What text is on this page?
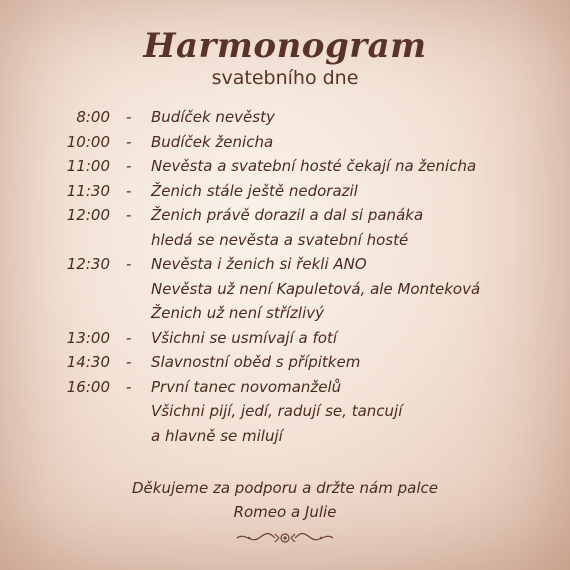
Harmonogram
svatebního dne
8:00 - Budíček nevěsty
10:00 - Budíček ženicha
11:00 - Nevěsta a svatební hosté čekají na ženicha
11:30 - Ženich stále ještě nedorazil
12:00 - Ženich právě dorazil a dal si panáka
hledá se nevěsta a svatební hosté
12:30 - Nevěsta i ženich si řekli ANO
Nevěsta už není Kapuletová, ale Monteková
Ženich už není střízlivý
13:00 - Všichni se usmívají a fotí
14:30 - Slavnostní oběd s přípitkem
16:00 - První tanec novomanželů
Všichni pijí, jedí, radují se, tancují
a hlavně se milují
Děkujeme za podporu a držte nám palce
Romeo a Julie
